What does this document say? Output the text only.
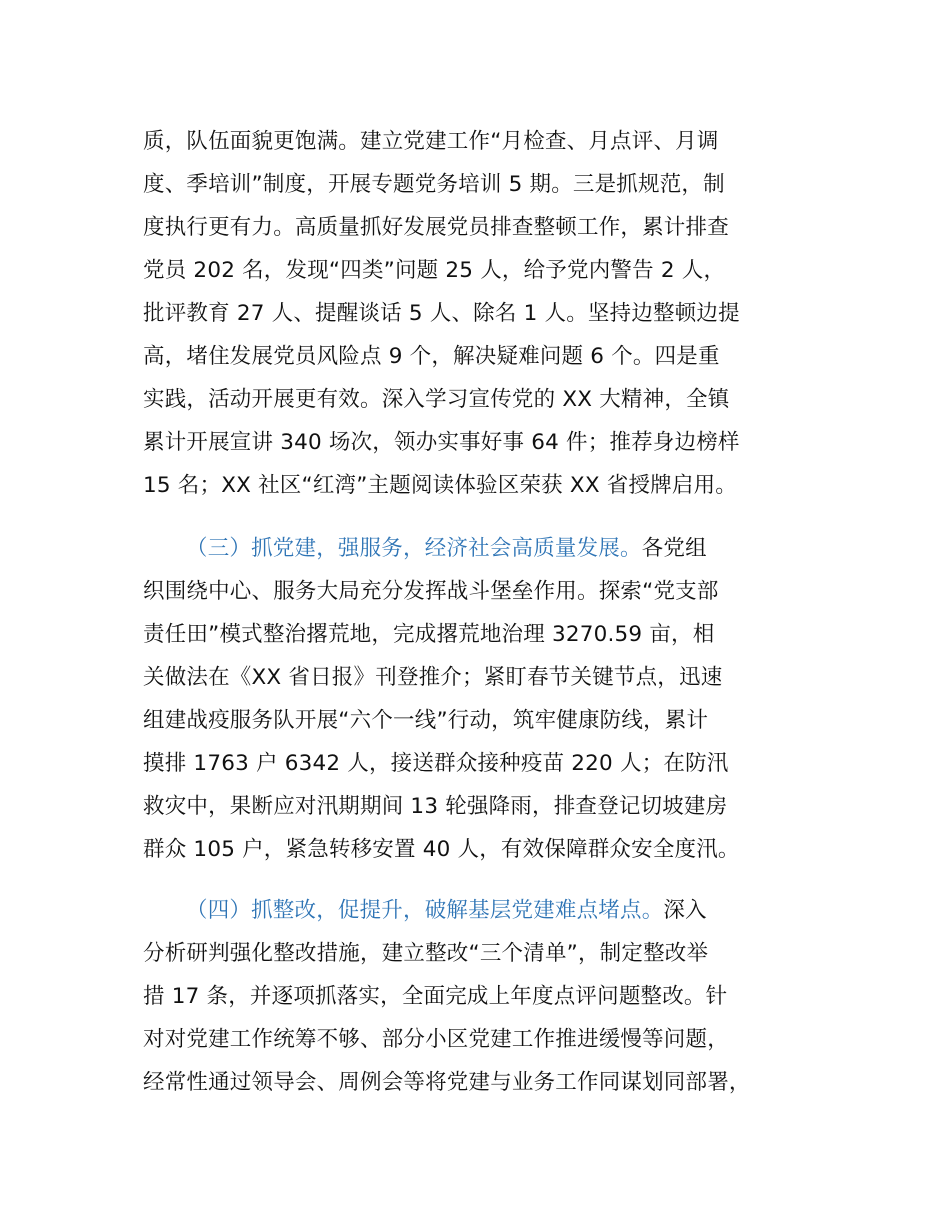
质，队伍面貌更饱满。建立党建工作“月检查、月点评、月调
度、季培训”制度，开展专题党务培训 5 期。三是抓规范，制
度执行更有力。高质量抓好发展党员排查整顿工作，累计排查
党员 202 名，发现“四类”问题 25 人，给予党内警告 2 人，
批评教育 27 人、提醒谈话 5 人、除名 1 人。坚持边整顿边提
高，堵住发展党员风险点 9 个，解决疑难问题 6 个。四是重
实践，活动开展更有效。深入学习宣传党的 XX 大精神，全镇
累计开展宣讲 340 场次，领办实事好事 64 件；推荐身边榜样
15 名；XX 社区“红湾”主题阅读体验区荣获 XX 省授牌启用。
（三）抓党建，强服务，经济社会高质量发展。各党组
织围绕中心、服务大局充分发挥战斗堡垒作用。探索“党支部
责任田”模式整治撂荒地，完成撂荒地治理 3270.59 亩，相
关做法在《XX 省日报》刊登推介；紧盯春节关键节点，迅速
组建战疫服务队开展“六个一线”行动，筑牢健康防线，累计
摸排 1763 户 6342 人，接送群众接种疫苗 220 人；在防汛
救灾中，果断应对汛期期间 13 轮强降雨，排查登记切坡建房
群众 105 户，紧急转移安置 40 人，有效保障群众安全度汛。
（四）抓整改，促提升，破解基层党建难点堵点。深入
分析研判强化整改措施，建立整改“三个清单”，制定整改举
措 17 条，并逐项抓落实，全面完成上年度点评问题整改。针
对对党建工作统筹不够、部分小区党建工作推进缓慢等问题，
经常性通过领导会、周例会等将党建与业务工作同谋划同部署，
